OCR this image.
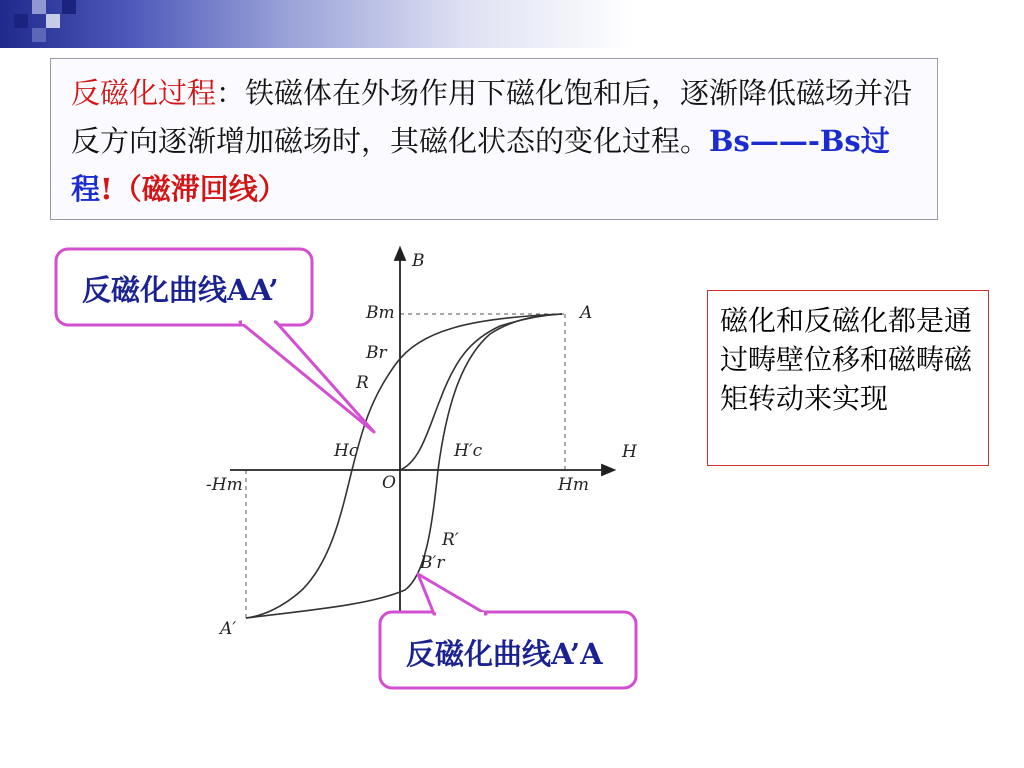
反磁化过程：铁磁体在外场作用下磁化饱和后，逐渐降低磁场并沿反方向逐渐增加磁场时，其磁化状态的变化过程。Bs——-Bs过程!（磁滞回线）
B
H
Bm
Br
R
Hc	H′c
O
-Hm	Hm
R′
B′r
A
A′
反磁化曲线AA’
反磁化曲线A’A
磁化和反磁化都是通过畴壁位移和磁畴磁矩转动来实现
